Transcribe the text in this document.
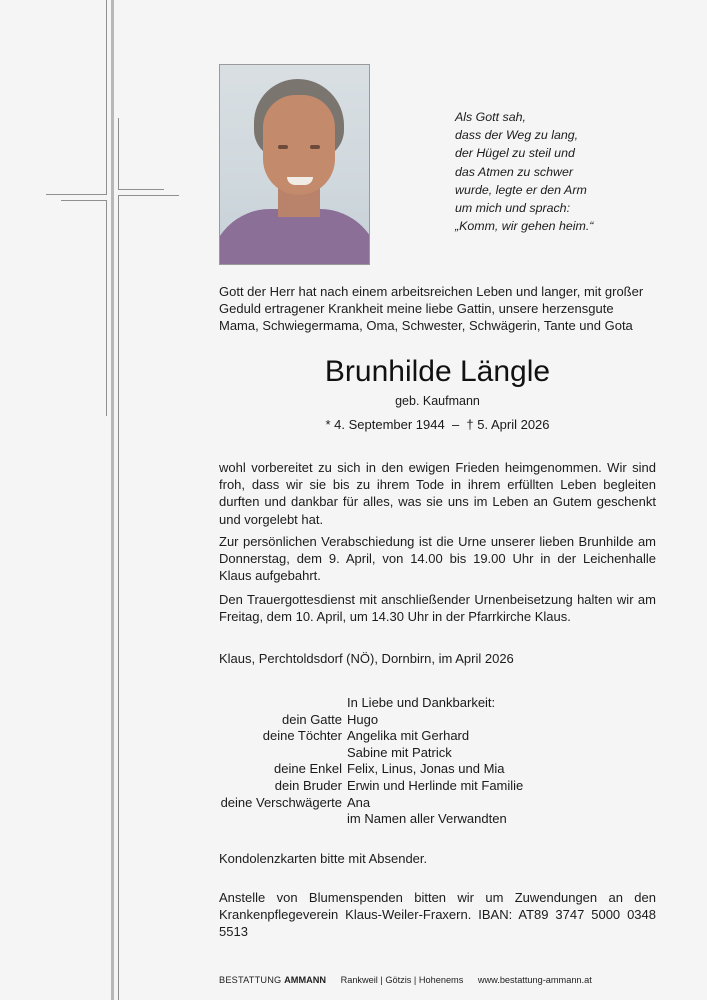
Als Gott sah,
dass der Weg zu lang,
der Hügel zu steil und
das Atmen zu schwer
wurde, legte er den Arm
um mich und sprach:
„Komm, wir gehen heim.“
Gott der Herr hat nach einem arbeitsreichen Leben und langer, mit großer Geduld ertragener Krankheit meine liebe Gattin, unsere herzensgute Mama, Schwiegermama, Oma, Schwester, Schwägerin, Tante und Gota
Brunhilde Längle
geb. Kaufmann
* 4. September 1944  –  † 5. April 2026
wohl vorbereitet zu sich in den ewigen Frieden heimgenommen. Wir sind froh, dass wir sie bis zu ihrem Tode in ihrem erfüllten Leben begleiten durften und dankbar für alles, was sie uns im Leben an Gutem geschenkt und vorgelebt hat.
Zur persönlichen Verabschiedung ist die Urne unserer lieben Brunhilde am Donnerstag, dem 9. April, von 14.00 bis 19.00 Uhr in der Leichenhalle Klaus aufgebahrt.
Den Trauergottesdienst mit anschließender Urnenbeisetzung halten wir am Freitag, dem 10. April, um 14.30 Uhr in der Pfarrkirche Klaus.
Klaus, Perchtoldsdorf (NÖ), Dornbirn, im April 2026
In Liebe und Dankbarkeit:
dein Gatte Hugo
deine Töchter Angelika mit Gerhard
Sabine mit Patrick
deine Enkel Felix, Linus, Jonas und Mia
dein Bruder Erwin und Herlinde mit Familie
deine Verschwägerte Ana
im Namen aller Verwandten
Kondolenzkarten bitte mit Absender.
Anstelle von Blumenspenden bitten wir um Zuwendungen an den Krankenpflegeverein Klaus-Weiler-Fraxern. IBAN: AT89 3747 5000 0348 5513
BESTATTUNG AMMANN Rankweil | Götzis | Hohenems www.bestattung-ammann.at
